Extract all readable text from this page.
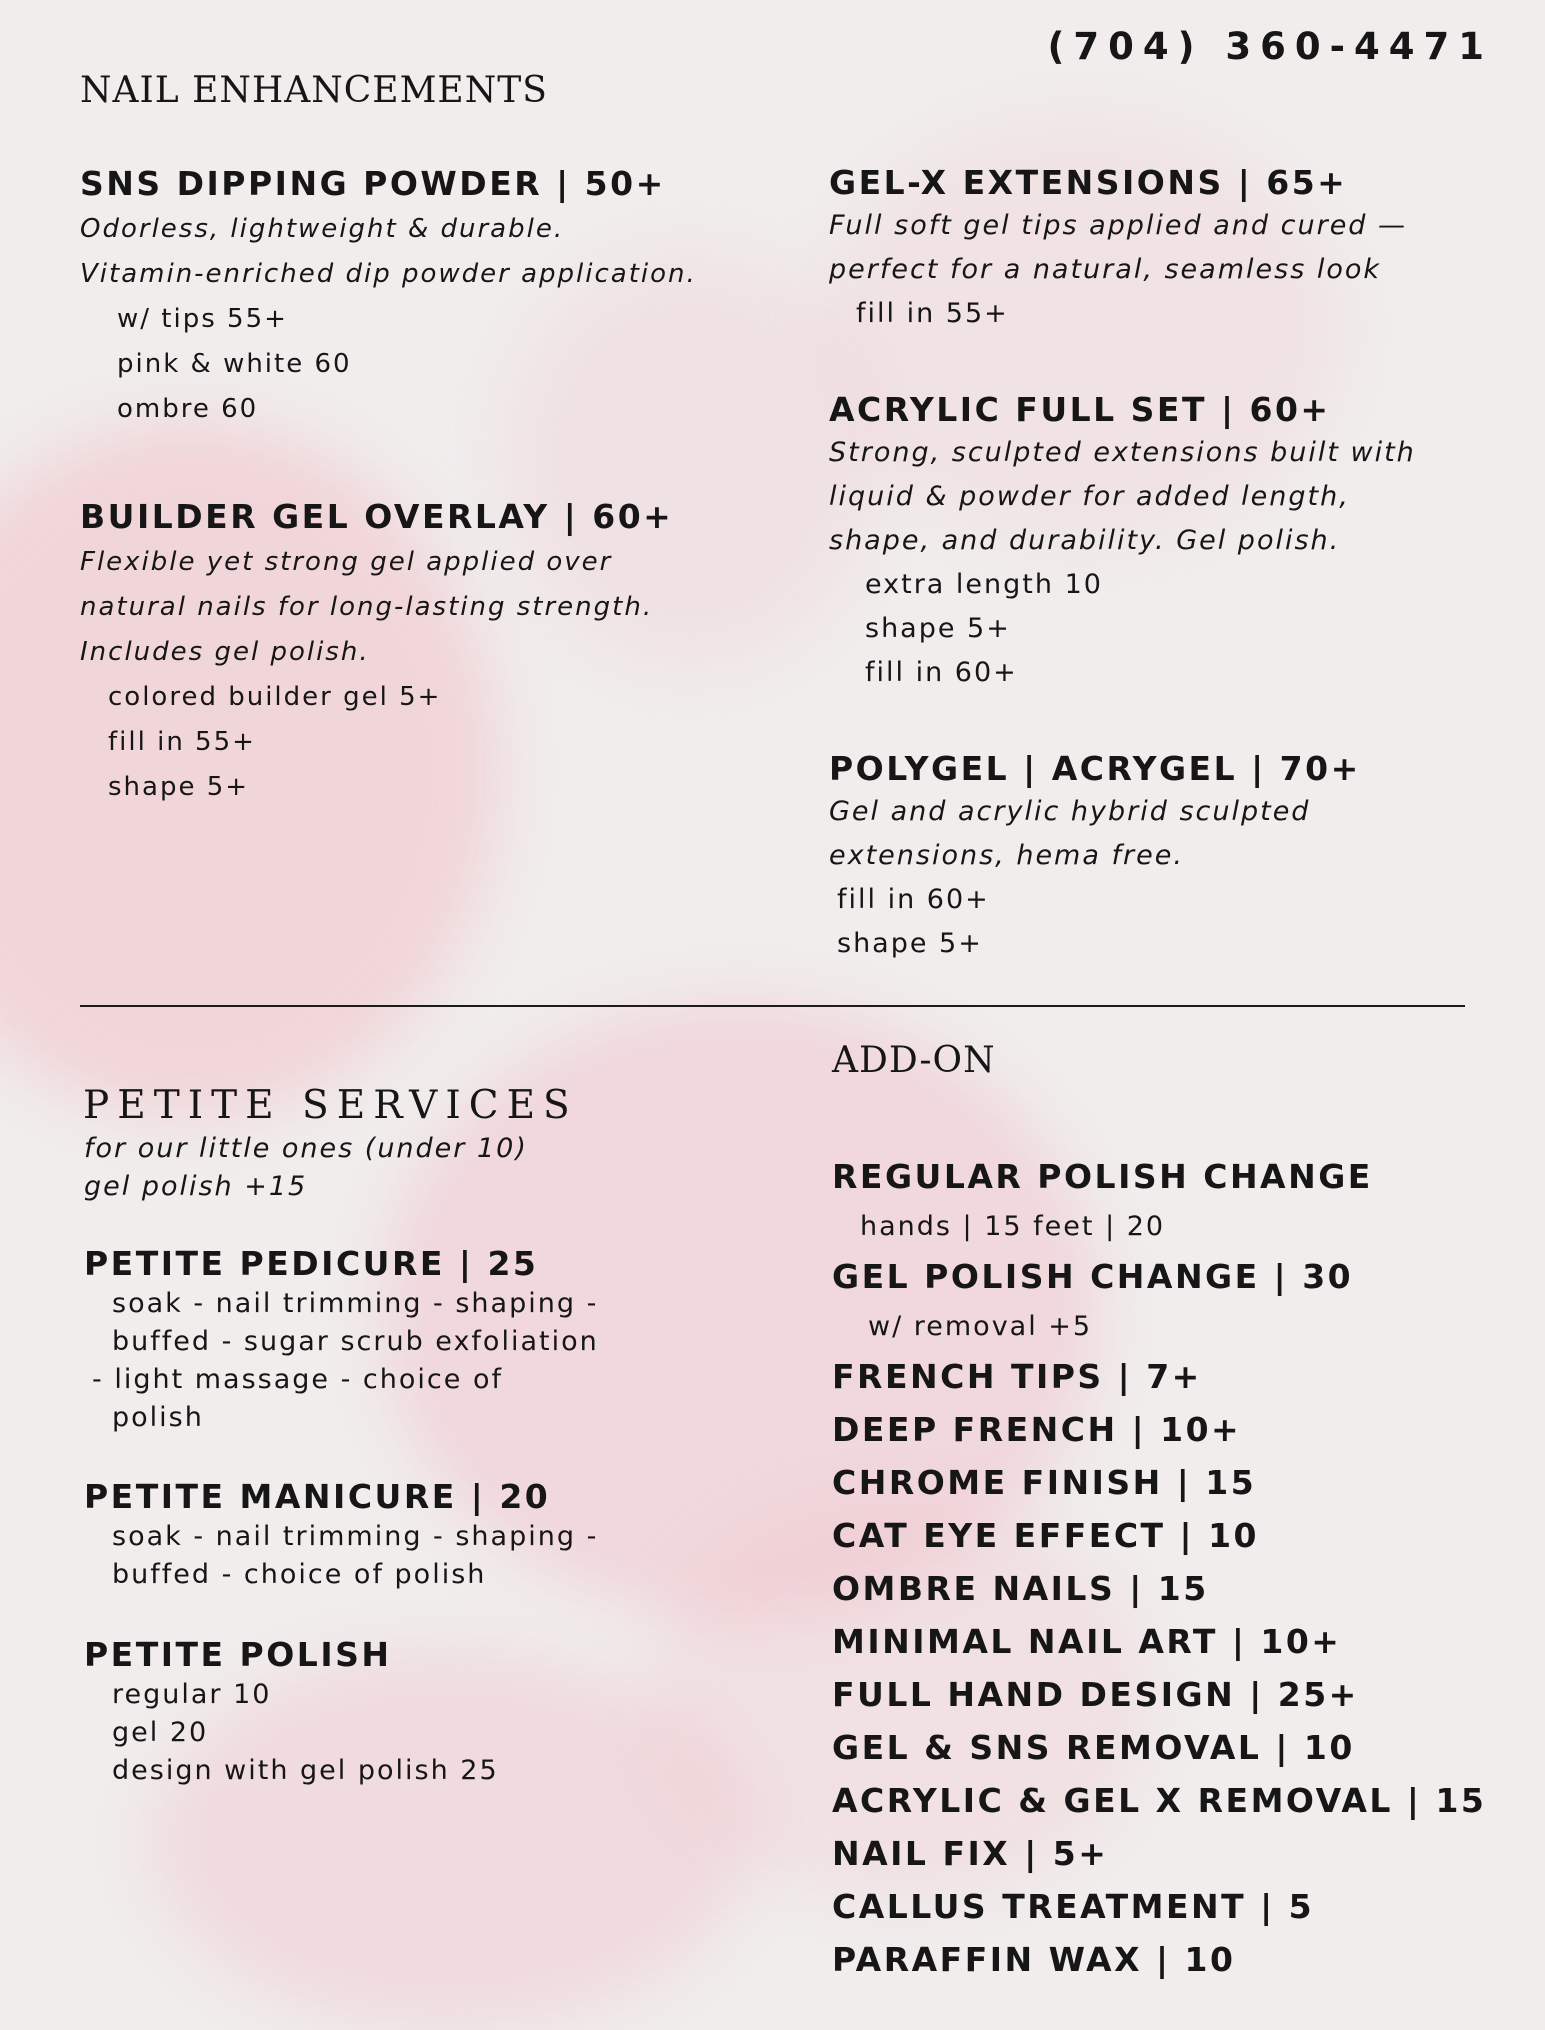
(704) 360-4471
NAIL ENHANCEMENTS
SNS DIPPING POWDER | 50+
Odorless, lightweight & durable.
Vitamin-enriched dip powder application.
w/ tips 55+
pink & white 60
ombre 60
BUILDER GEL OVERLAY | 60+
Flexible yet strong gel applied over
natural nails for long-lasting strength.
Includes gel polish.
colored builder gel 5+
fill in 55+
shape 5+
GEL-X EXTENSIONS | 65+
Full soft gel tips applied and cured —
perfect for a natural, seamless look
fill in 55+
ACRYLIC FULL SET | 60+
Strong, sculpted extensions built with
liquid & powder for added length,
shape, and durability. Gel polish.
extra length 10
shape 5+
fill in 60+
POLYGEL | ACRYGEL | 70+
Gel and acrylic hybrid sculpted
extensions, hema free.
fill in 60+
shape 5+
ADD-ON
PETITE SERVICES
for our little ones (under 10)
gel polish +15
PETITE PEDICURE | 25
soak - nail trimming - shaping -
buffed - sugar scrub exfoliation
- light massage - choice of
polish
PETITE MANICURE | 20
soak - nail trimming - shaping -
buffed - choice of polish
PETITE POLISH
regular 10
gel 20
design with gel polish 25
REGULAR POLISH CHANGE
hands | 15 feet | 20
GEL POLISH CHANGE | 30
w/ removal +5
FRENCH TIPS | 7+
DEEP FRENCH | 10+
CHROME FINISH | 15
CAT EYE EFFECT | 10
OMBRE NAILS | 15
MINIMAL NAIL ART | 10+
FULL HAND DESIGN | 25+
GEL & SNS REMOVAL | 10
ACRYLIC & GEL X REMOVAL | 15
NAIL FIX | 5+
CALLUS TREATMENT | 5
PARAFFIN WAX | 10
